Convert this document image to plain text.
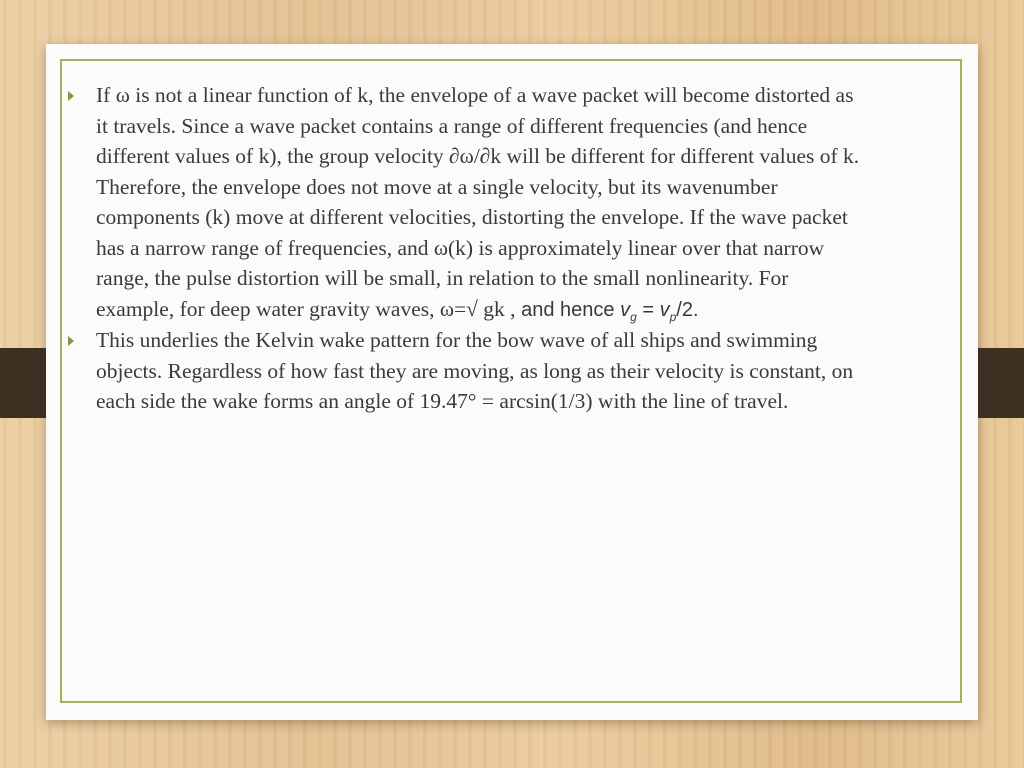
If ω is not a linear function of k, the envelope of a wave packet will become distorted as it travels. Since a wave packet contains a range of different frequencies (and hence different values of k), the group velocity ∂ω/∂k will be different for different values of k. Therefore, the envelope does not move at a single velocity, but its wavenumber components (k) move at different velocities, distorting the envelope. If the wave packet has a narrow range of frequencies, and ω(k) is approximately linear over that narrow range, the pulse distortion will be small, in relation to the small nonlinearity. For example, for deep water gravity waves, ω=√ gk , and hence $v_g = v_p/2$.
This underlies the Kelvin wake pattern for the bow wave of all ships and swimming objects. Regardless of how fast they are moving, as long as their velocity is constant, on each side the wake forms an angle of 19.47° = arcsin(1/3) with the line of travel.
